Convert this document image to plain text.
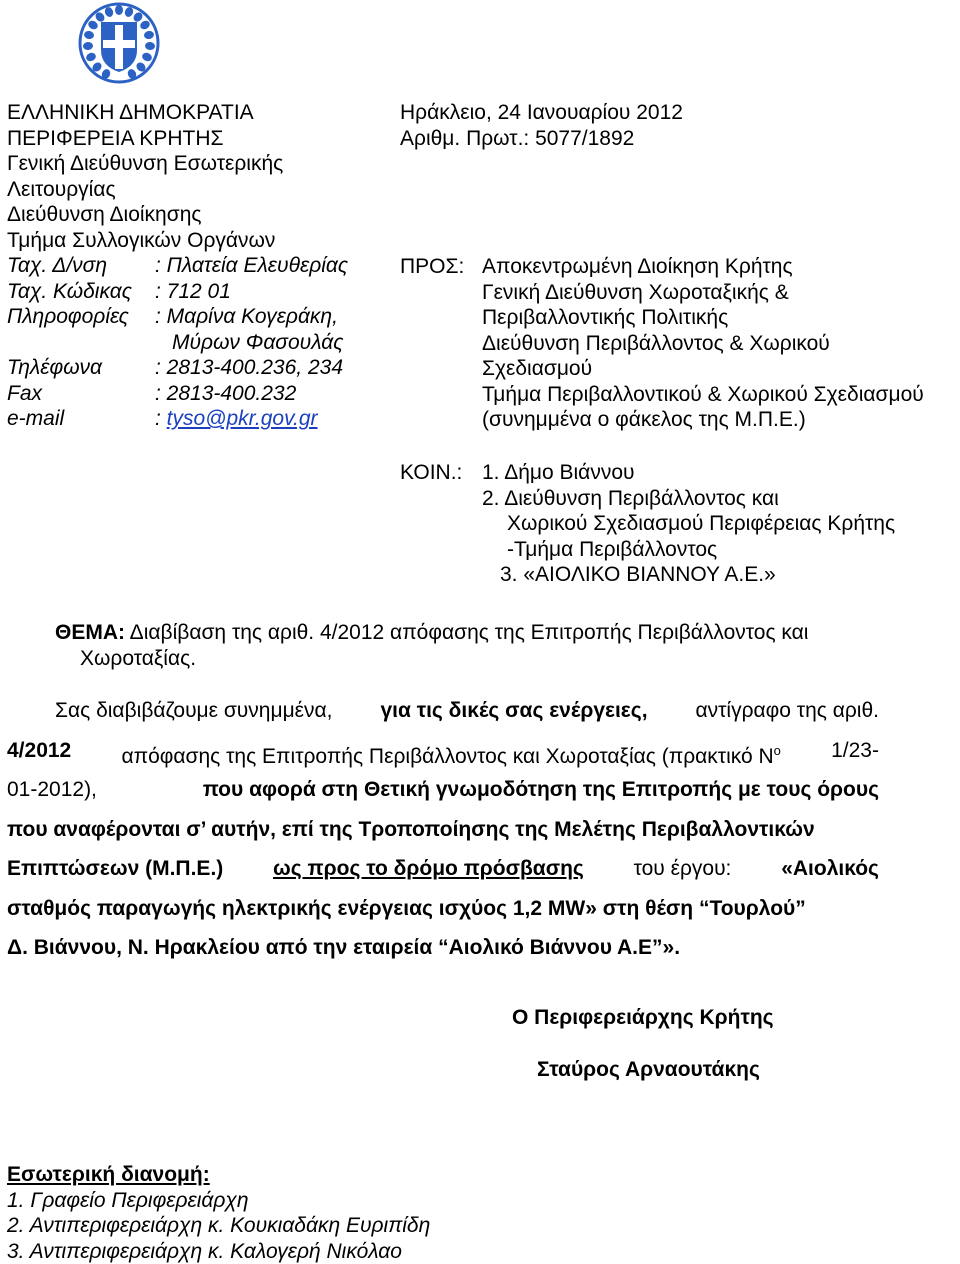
ΕΛΛΗΝΙΚΗ ΔΗΜΟΚΡΑΤΙΑ
ΠΕΡΙΦΕΡΕΙΑ ΚΡΗΤΗΣ
Γενική Διεύθυνση Εσωτερικής
Λειτουργίας
Διεύθυνση Διοίκησης
Τμήμα Συλλογικών Οργάνων
Ταχ. Δ/νση : Πλατεία Ελευθερίας
Ταχ. Κώδικας : 712 01
Πληροφορίες : Μαρίνα Κογεράκη,
Μύρων Φασουλάς
Τηλέφωνα	: 2813-400.236, 234
Fax	: 2813-400.232
e-mail	: tyso@pkr.gov.gr
Ηράκλειο, 24 Ιανουαρίου 2012
Αριθμ. Πρωτ.: 5077/1892
ΠΡΟΣ: Αποκεντρωμένη Διοίκηση Κρήτης
Γενική Διεύθυνση Χωροταξικής &
Περιβαλλοντικής Πολιτικής
Διεύθυνση Περιβάλλοντος & Χωρικού
Σχεδιασμού
Τμήμα Περιβαλλοντικού & Χωρικού Σχεδιασμού
(συνημμένα ο φάκελος της Μ.Π.Ε.)
ΚΟΙΝ.: 1. Δήμο Βιάννου
2. Διεύθυνση Περιβάλλοντος και
Χωρικού Σχεδιασμού Περιφέρειας Κρήτης
-Τμήμα Περιβάλλοντος
3. «ΑΙΟΛΙΚΟ ΒΙΑΝΝΟΥ Α.Ε.»
ΘΕΜΑ: Διαβίβαση της αριθ. 4/2012 απόφασης της Επιτροπής Περιβάλλοντος και
Χωροταξίας.
Σας διαβιβάζουμε συνημμένα, για τις δικές σας ενέργειες, αντίγραφο της αριθ.
4/2012 απόφασης της Επιτροπής Περιβάλλοντος και Χωροταξίας (πρακτικό $N^o$ 1/23-
01-2012),	που αφορά στη Θετική γνωμοδότηση της Επιτροπής με τους όρους
που αναφέρονται σ’ αυτήν, επί της Τροποποίησης της Μελέτης Περιβαλλοντικών
Επιπτώσεων (Μ.Π.Ε.) ως προς το δρόμο πρόσβασης του έργου: «Αιολικός
σταθμός παραγωγής ηλεκτρικής ενέργειας ισχύος 1,2 MW» στη θέση “Τουρλού”
Δ. Βιάννου, Ν. Ηρακλείου από την εταιρεία “Αιολικό Βιάννου Α.Ε”».
Ο Περιφερειάρχης Κρήτης
Σταύρος Αρναουτάκης
Εσωτερική διανομή:
1. Γραφείο Περιφερειάρχη
2. Αντιπεριφερειάρχη κ. Κουκιαδάκη Ευριπίδη
3. Αντιπεριφερειάρχη κ. Καλογερή Νικόλαο
